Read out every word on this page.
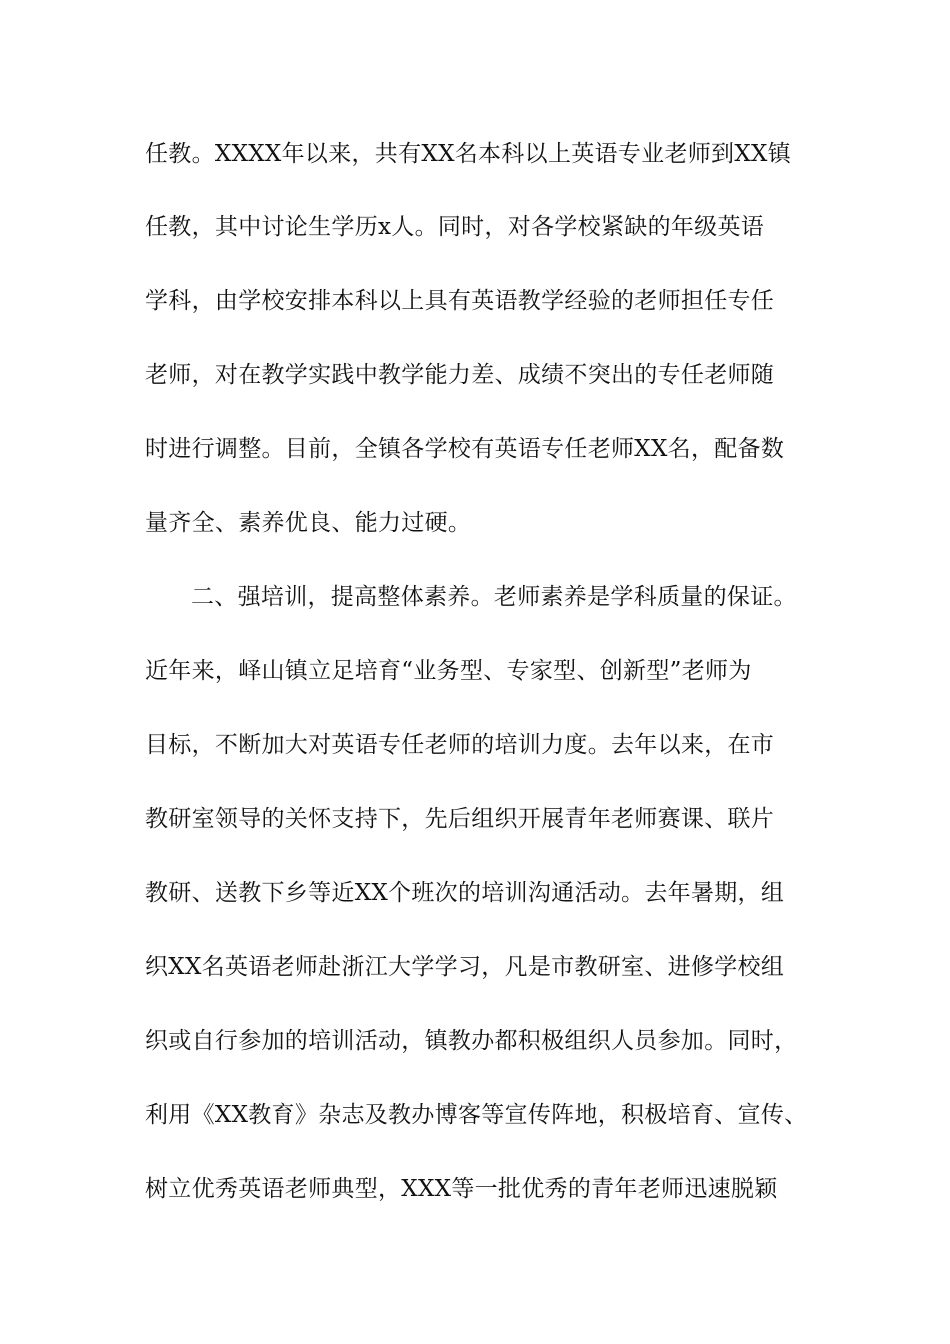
任教。XXXX年以来，共有XX名本科以上英语专业老师到XX镇
任教，其中讨论生学历x人。同时，对各学校紧缺的年级英语
学科，由学校安排本科以上具有英语教学经验的老师担任专任
老师，对在教学实践中教学能力差、成绩不突出的专任老师随
时进行调整。目前，全镇各学校有英语专任老师XX名，配备数
量齐全、素养优良、能力过硬。
二、强培训，提高整体素养。老师素养是学科质量的保证。
近年来，峄山镇立足培育“业务型、专家型、创新型”老师为
目标，不断加大对英语专任老师的培训力度。去年以来，在市
教研室领导的关怀支持下，先后组织开展青年老师赛课、联片
教研、送教下乡等近XX个班次的培训沟通活动。去年暑期，组
织XX名英语老师赴浙江大学学习，凡是市教研室、进修学校组
织或自行参加的培训活动，镇教办都积极组织人员参加。同时，
利用《XX教育》杂志及教办博客等宣传阵地，积极培育、宣传、
树立优秀英语老师典型，XXX等一批优秀的青年老师迅速脱颖
